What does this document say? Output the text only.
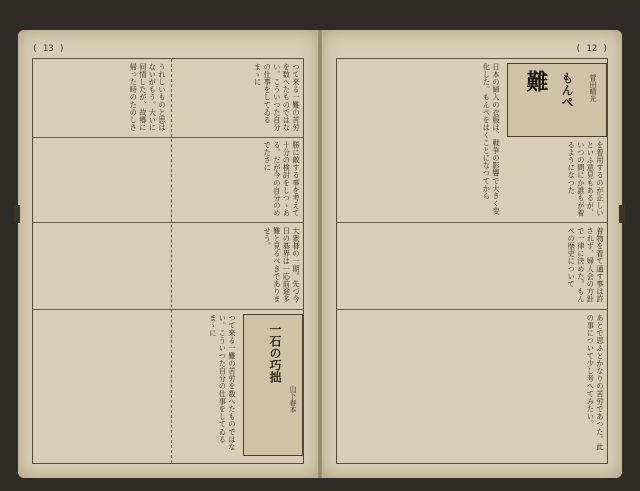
( 13 )
うれしいものと思はないがもう。大いに同情したが、故郷に帰った時のたのしさ	つて来る一難の苦労を数へたものではない。こういつた自分の仕事をしてゐるまゝに
勝に敵する事を考えて十分の検討をしつゝある。だが今の自分のめでたさに
大衆碁の一期。先づ今日の碁界は一応前途多難と見るべきでありませう。
一石の巧拙
山下春本
つて来る一難の苦労を数へたものではない。こういつた自分の仕事をしてゐるまゝに
( 12 )
難 もんぺ 菅田晴光
日本の婦人の衣服は、戦争の影響で大きく変化した。もんぺをはくことになつてから	を着用するのが正しいといふ意見もあるが、いつの間にか誰もが着るようになつた
着物を着て通す事は許されず、婦人会の方針で一律に決めた。もんぺの歴史について
あとで思ふとかなりの苦労であつた。此の事について少し考へてみたい。
